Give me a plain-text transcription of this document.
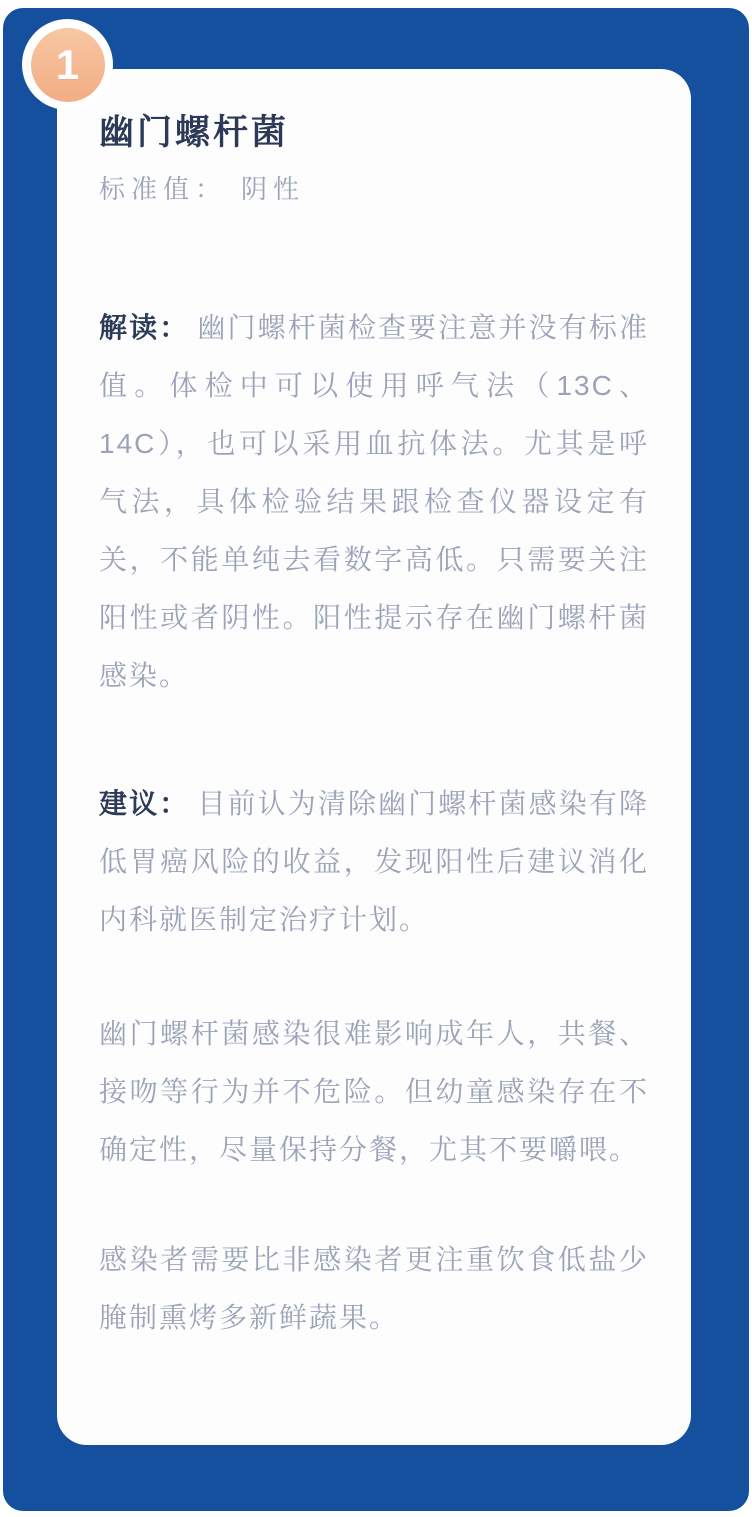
1
幽门螺杆菌
标准值： 阴性

解读： 幽门螺杆菌检查要注意并没有标准值。体检中可以使用呼气法（13C、14C），也可以采用血抗体法。尤其是呼气法，具体检验结果跟检查仪器设定有关，不能单纯去看数字高低。只需要关注阳性或者阴性。阳性提示存在幽门螺杆菌感染。

建议： 目前认为清除幽门螺杆菌感染有降低胃癌风险的收益，发现阳性后建议消化内科就医制定治疗计划。

幽门螺杆菌感染很难影响成年人，共餐、接吻等行为并不危险。但幼童感染存在不确定性，尽量保持分餐，尤其不要嚼喂。

感染者需要比非感染者更注重饮食低盐少腌制熏烤多新鲜蔬果。
